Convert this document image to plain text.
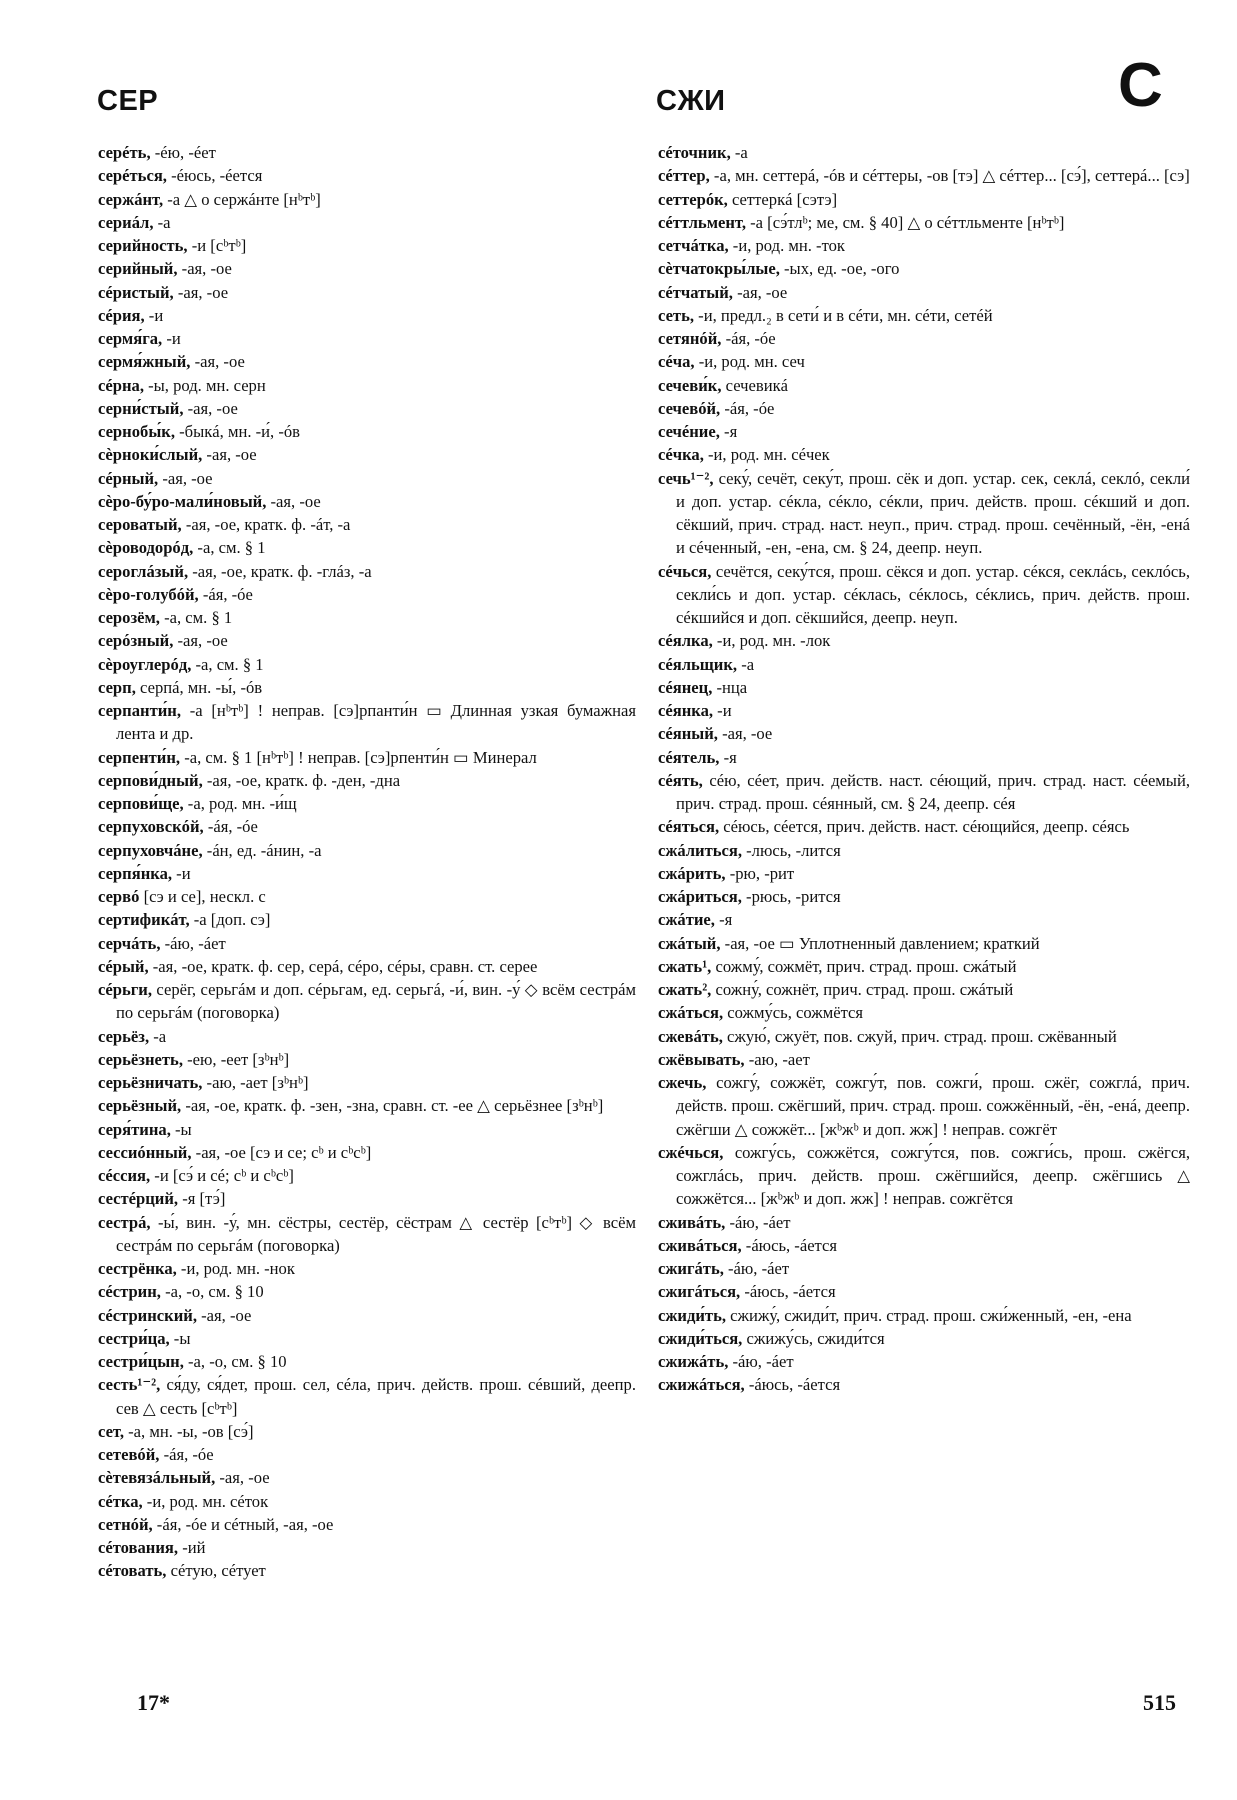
СЕР	СЖИ	С

серéть, -éю, -éет

серéться, -éюсь, -éется

сержáнт, -а △ о сержáнте [нᵇтᵇ]

сериáл, -а

серийность, -и [сᵇтᵇ]

серийный, -ая, -ое

сéристый, -ая, -ое

сéрия, -и

сермя́га, -и

сермя́жный, -ая, -ое

сéрна, -ы, род. мн. серн

серни́стый, -ая, -ое

сернобы́к, -быкá, мн. -и́, -óв

сèрноки́слый, -ая, -ое

сéрный, -ая, -ое

сèро-бу́ро-мали́новый, -ая, -ое

сероватый, -ая, -ое, кратк. ф. -áт, -а

сèроводорóд, -а, см. § 1

сероглáзый, -ая, -ое, кратк. ф. -глáз, -а

сèро-голубóй, -áя, -óе

серозём, -а, см. § 1

серóзный, -ая, -ое

сèроуглерóд, -а, см. § 1

серп, серпá, мн. -ы́, -óв

серпанти́н, -а [нᵇтᵇ] ! неправ. [сэ]рпанти́н ▭ Длинная узкая бумажная лента и др.

серпенти́н, -а, см. § 1 [нᵇтᵇ] ! неправ. [сэ]рпенти́н ▭ Минерал

серпови́дный, -ая, -ое, кратк. ф. -ден, -дна

серпови́ще, -а, род. мн. -и́щ

серпуховскóй, -áя, -óе

серпуховчáне, -áн, ед. -áнин, -а

серпя́нка, -и

сервó [сэ и се], нескл. с

сертификáт, -а [доп. сэ]

серчáть, -áю, -áет

сéрый, -ая, -ое, кратк. ф. сер, серá, сéро, сéры, сравн. ст. серее

сéрьги, серёг, серьгáм и доп. сéрьгам, ед. серьгá, -и́, вин. -у́ ◇ всём сестрáм по серьгáм (поговорка)

серьёз, -а

серьёзнеть, -ею, -еет [зᵇнᵇ]

серьёзничать, -аю, -ает [зᵇнᵇ]

серьёзный, -ая, -ое, кратк. ф. -зен, -зна, сравн. ст. -ее △ серьёзнее [зᵇнᵇ]

серя́тина, -ы

сессиóнный, -ая, -ое [сэ и се; сᵇ и сᵇсᵇ]

сéссия, -и [сэ́ и сé; сᵇ и сᵇсᵇ]

сестéрций, -я [тэ́]

сестрá, -ы́, вин. -у́, мн. сёстры, сестёр, сёстрам △ сестёр [сᵇтᵇ] ◇ всём сестрáм по серьгáм (поговорка)

сестрёнка, -и, род. мн. -нок

сéстрин, -а, -о, см. § 10

сéстринский, -ая, -ое

сестри́ца, -ы

сестри́цын, -а, -о, см. § 10

сесть¹⁻², ся́ду, ся́дет, прош. сел, сéла, прич. действ. прош. сéвший, деепр. сев △ сесть [сᵇтᵇ]

сет, -а, мн. -ы, -ов [сэ́]

сетевóй, -áя, -óе

сèтевязáльный, -ая, -ое

сéтка, -и, род. мн. сéток

сетнóй, -áя, -óе и сéтный, -ая, -ое

сéтования, -ий

сéтовать, сéтую, сéтует

сéточник, -а

сéттер, -а, мн. сеттерá, -óв и сéттеры, -ов [тэ] △ сéттер... [сэ́], сеттерá... [сэ]

сеттерóк, сеттеркá [сэтэ]

сéттльмент, -а [сэ́тлᵇ; ме, см. § 40] △ о сéттльменте [нᵇтᵇ]

сетчáтка, -и, род. мн. -ток

сèтчатокры́лые, -ых, ед. -ое, -ого

сéтчатый, -ая, -ое

сеть, -и, предл.₂ в сети́ и в сéти, мн. сéти, сетéй

сетянóй, -áя, -óе

сéча, -и, род. мн. сеч

сечеви́к, сечевикá

сечевóй, -áя, -óе

сечéние, -я

сéчка, -и, род. мн. сéчек

сечь¹⁻², секу́, сечёт, секу́т, прош. сёк и доп. устар. сек, секлá, секлó, секли́ и доп. устар. сéкла, сéкло, сéкли, прич. действ. прош. сéкший и доп. сёкший, прич. страд. наст. неуп., прич. страд. прош. сечённый, -ён, -енá и сéченный, -ен, -ена, см. § 24, деепр. неуп.

сéчься, сечётся, секу́тся, прош. сёкся и доп. устар. сéкся, секлáсь, секлóсь, секли́сь и доп. устар. сéклась, сéклось, сéклись, прич. действ. прош. сéкшийся и доп. сёкшийся, деепр. неуп.

сéялка, -и, род. мн. -лок

сéяльщик, -а

сéянец, -нца

сéянка, -и

сéяный, -ая, -ое

сéятель, -я

сéять, сéю, сéет, прич. действ. наст. сéющий, прич. страд. наст. сéемый, прич. страд. прош. сéянный, см. § 24, деепр. сéя

сéяться, сéюсь, сéется, прич. действ. наст. сéющийся, деепр. сéясь

сжáлиться, -люсь, -лится

сжáрить, -рю, -рит

сжáриться, -рюсь, -рится

сжáтие, -я

сжáтый, -ая, -ое ▭ Уплотненный давлением; краткий

сжать¹, сожму́, сожмёт, прич. страд. прош. сжáтый

сжать², сожну́, сожнёт, прич. страд. прош. сжáтый

сжáться, сожму́сь, сожмётся

сжевáть, сжую́, сжуёт, пов. сжуй, прич. страд. прош. сжёванный

сжёвывать, -аю, -ает

сжечь, сожгу́, сожжёт, сожгу́т, пов. сожги́, прош. сжёг, сожглá, прич. действ. прош. сжёгший, прич. страд. прош. сожжённый, -ён, -енá, деепр. сжёгши △ сожжёт... [жᵇжᵇ и доп. жж] ! неправ. сожгёт

сжéчься, сожгу́сь, сожжётся, сожгу́тся, пов. сожги́сь, прош. сжёгся, сожглáсь, прич. действ. прош. сжёгшийся, деепр. сжёгшись △ сожжётся... [жᵇжᵇ и доп. жж] ! неправ. сожгётся

сживáть, -áю, -áет

сживáться, -áюсь, -áется

сжигáть, -áю, -áет

сжигáться, -áюсь, -áется

сжиди́ть, сжижу́, сжиди́т, прич. страд. прош. сжи́женный, -ен, -ена

сжиди́ться, сжижу́сь, сжиди́тся

сжижáть, -áю, -áет

сжижáться, -áюсь, -áется

17*	515
